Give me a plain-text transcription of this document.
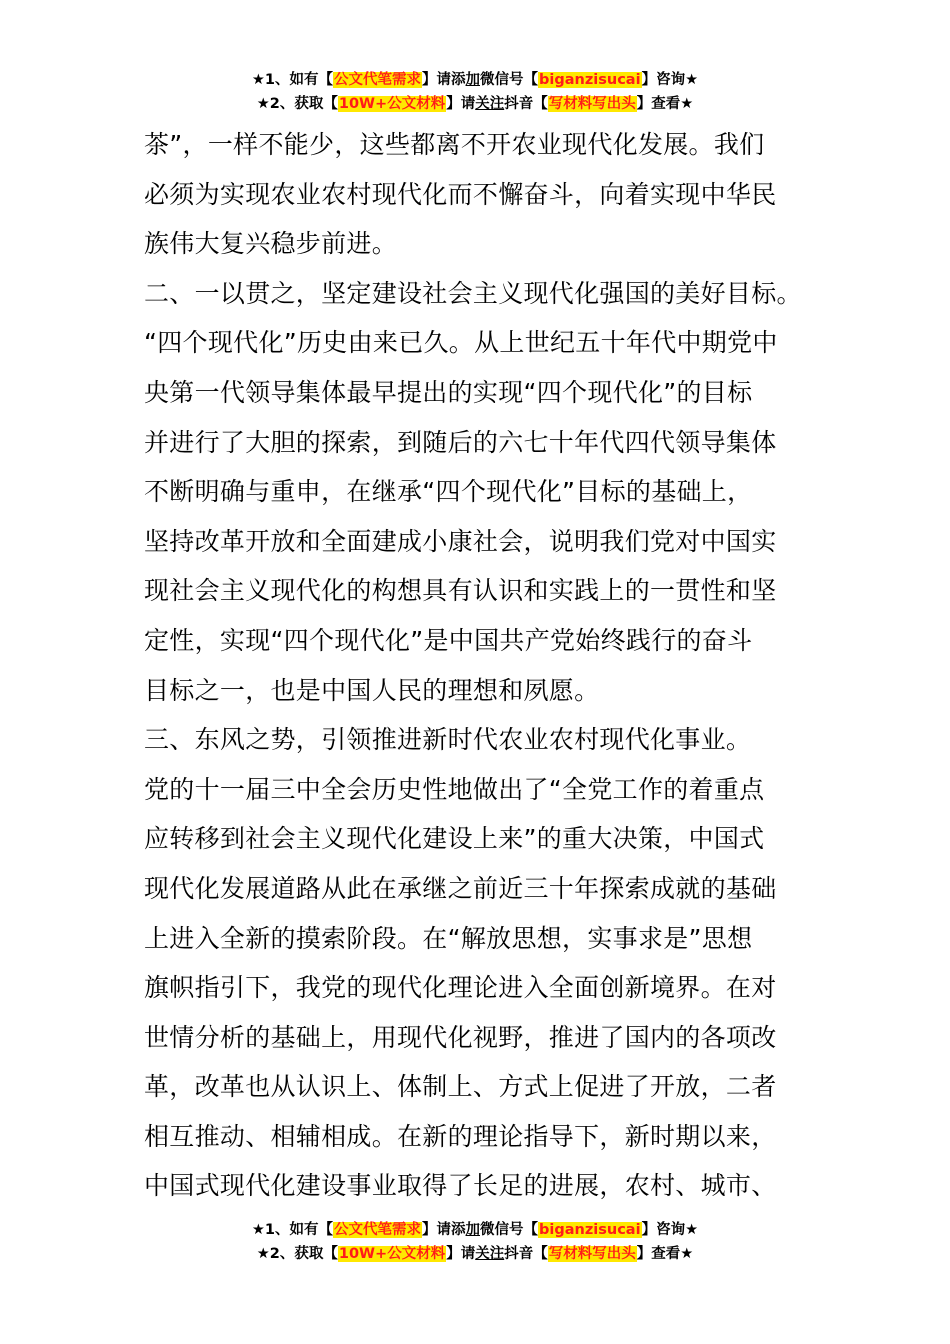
★1、如有【公文代笔需求】请添加微信号【biganzisucai】咨询★
★2、获取【10W+公文材料】请关注抖音【写材料写出头】查看★
茶”，一样不能少，这些都离不开农业现代化发展。我们
必须为实现农业农村现代化而不懈奋斗，向着实现中华民
族伟大复兴稳步前进。
二、一以贯之，坚定建设社会主义现代化强国的美好目标。
“四个现代化”历史由来已久。从上世纪五十年代中期党中
央第一代领导集体最早提出的实现“四个现代化”的目标
并进行了大胆的探索，到随后的六七十年代四代领导集体
不断明确与重申，在继承“四个现代化”目标的基础上，
坚持改革开放和全面建成小康社会，说明我们党对中国实
现社会主义现代化的构想具有认识和实践上的一贯性和坚
定性，实现“四个现代化”是中国共产党始终践行的奋斗
目标之一，也是中国人民的理想和夙愿。
三、东风之势，引领推进新时代农业农村现代化事业。
党的十一届三中全会历史性地做出了“全党工作的着重点
应转移到社会主义现代化建设上来”的重大决策，中国式
现代化发展道路从此在承继之前近三十年探索成就的基础
上进入全新的摸索阶段。在“解放思想，实事求是”思想
旗帜指引下，我党的现代化理论进入全面创新境界。在对
世情分析的基础上，用现代化视野，推进了国内的各项改
革，改革也从认识上、体制上、方式上促进了开放，二者
相互推动、相辅相成。在新的理论指导下，新时期以来，
中国式现代化建设事业取得了长足的进展，农村、城市、
★1、如有【公文代笔需求】请添加微信号【biganzisucai】咨询★
★2、获取【10W+公文材料】请关注抖音【写材料写出头】查看★
